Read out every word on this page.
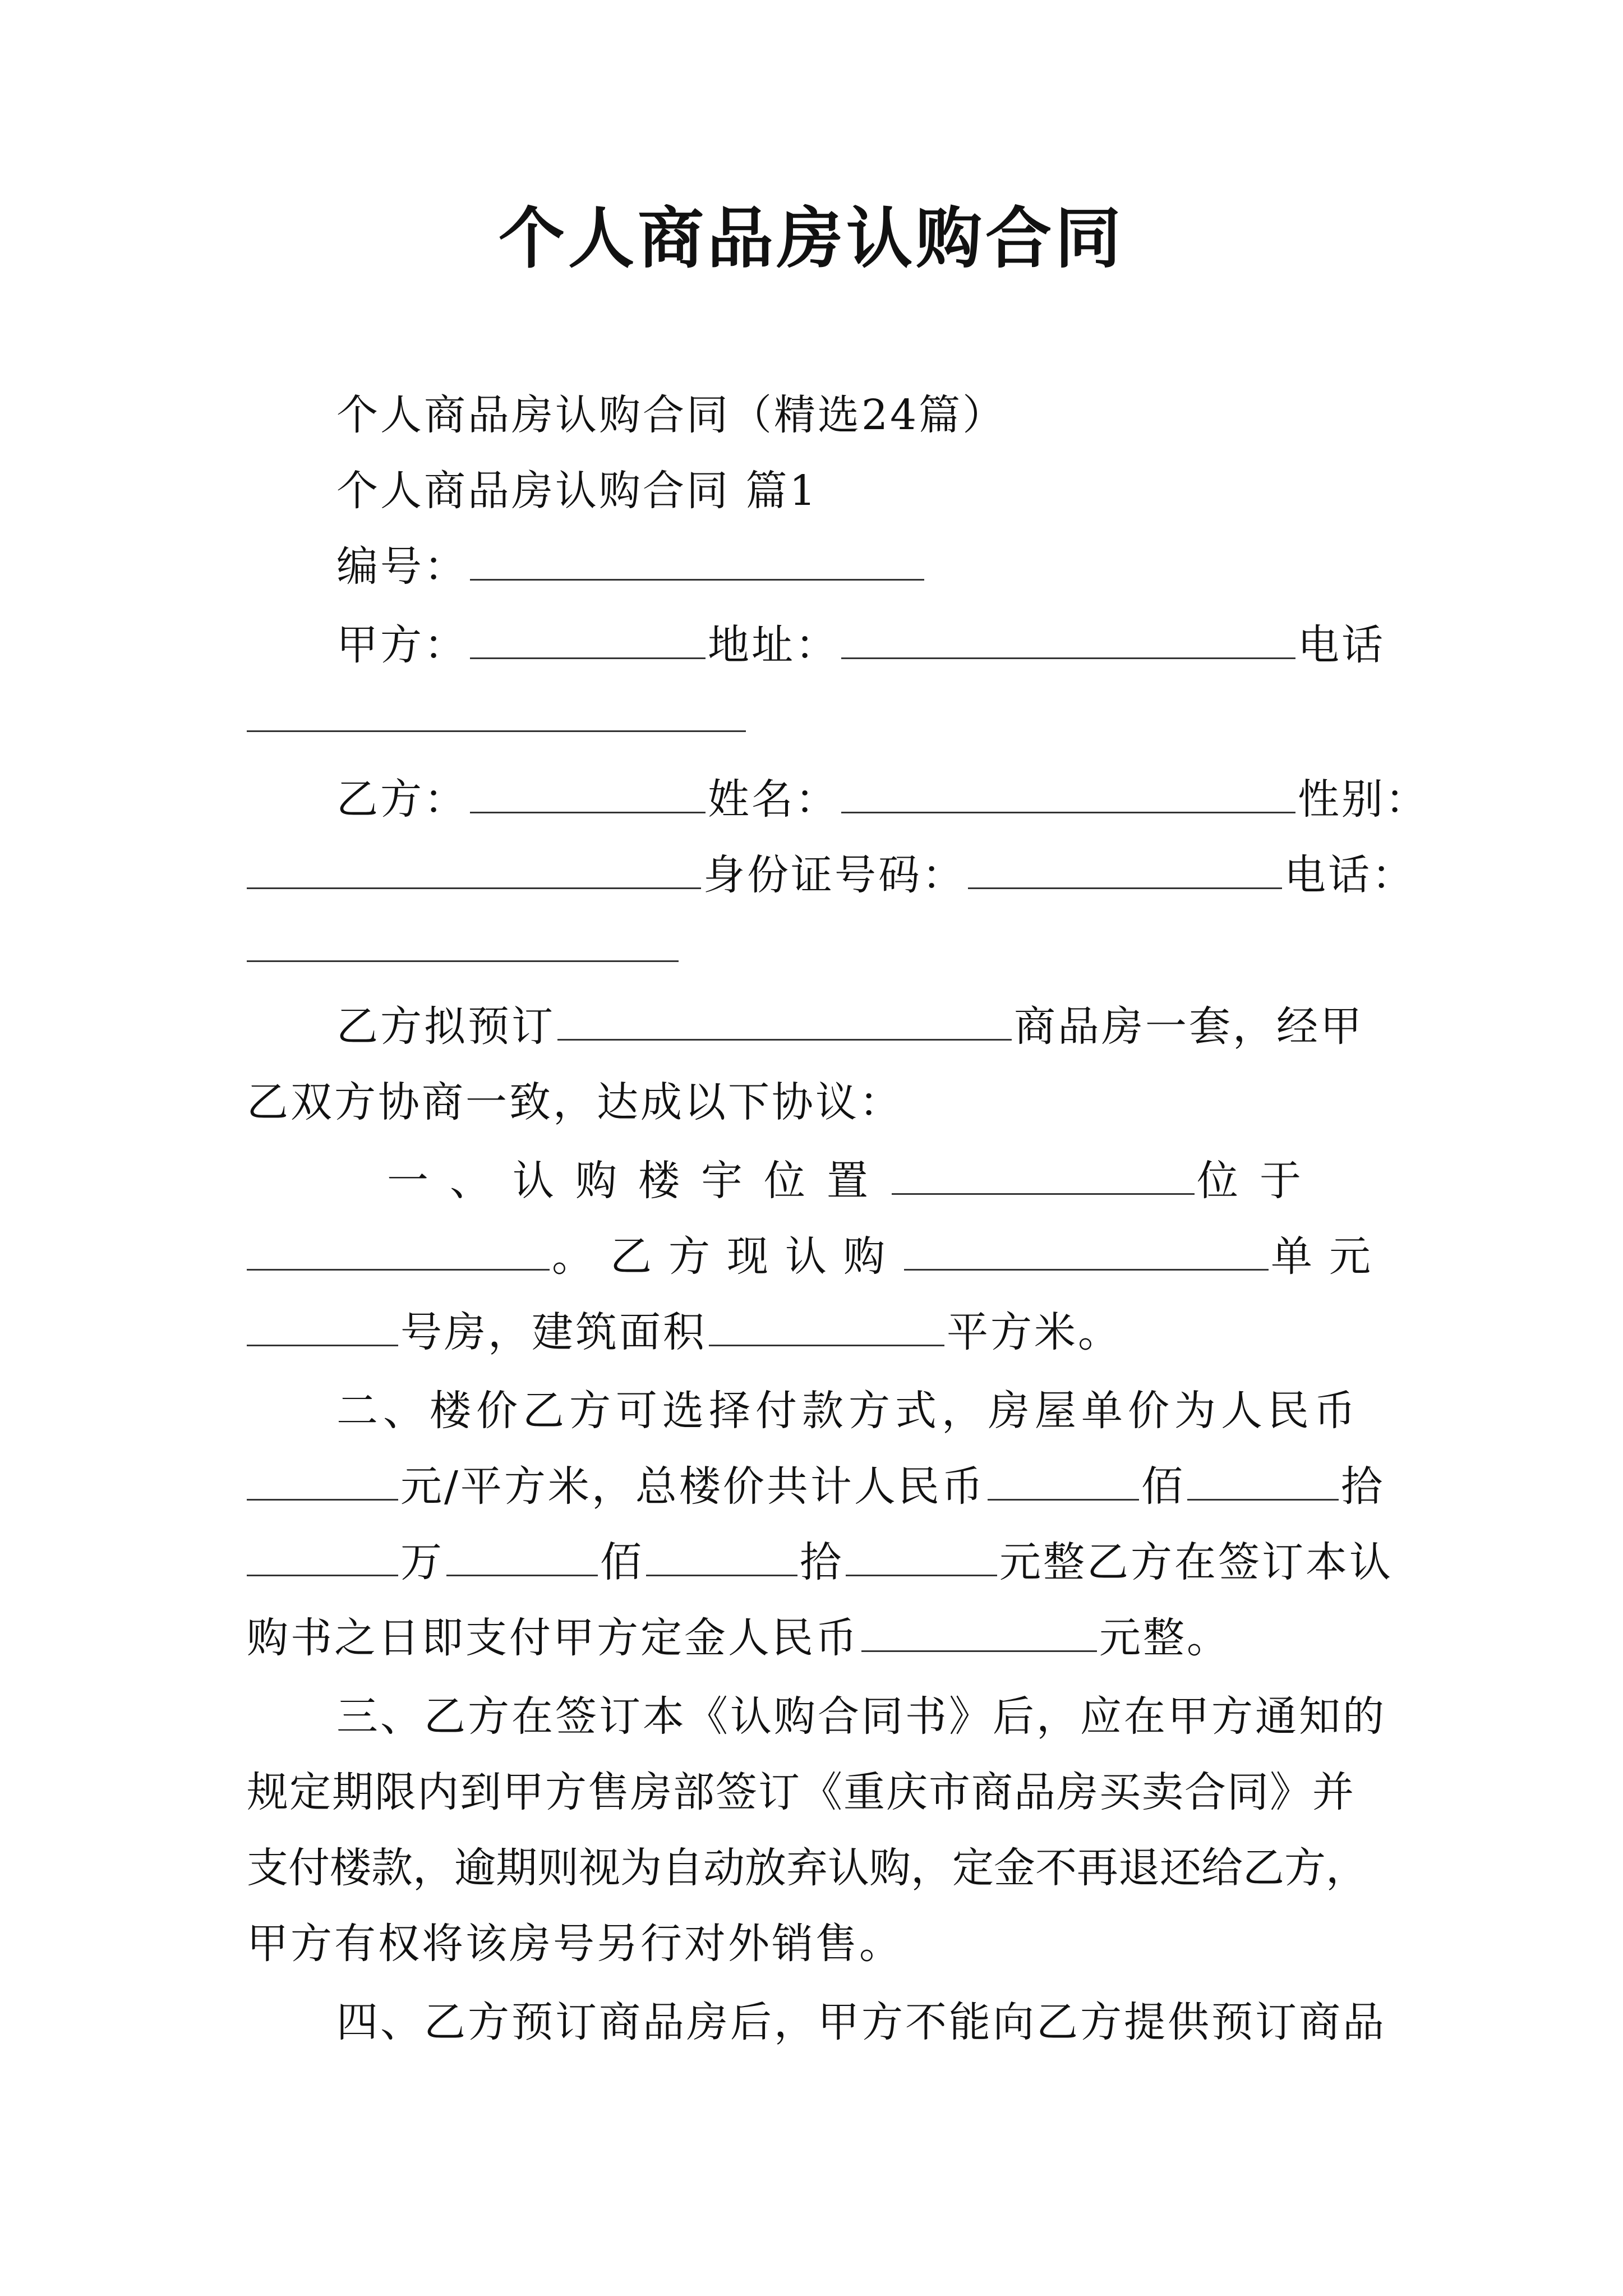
个人商品房认购合同
个人商品房认购合同（精选24篇）
个人商品房认购合同 篇1
编号：
甲方：	地址：	电话
乙方：	姓名：	性别：
身份证号码：	电话：
乙方拟预订	商品房一套，经甲
乙双方协商一致，达成以下协议：
一、认购楼宇位置	位于
。乙方现认购	单元
号房，建筑面积	平方米。
二、楼价乙方可选择付款方式，房屋单价为人民币
元/平方米，总楼价共计人民币	佰	拾
万	佰	拾	元整乙方在签订本认
购书之日即支付甲方定金人民币	元整。
三、乙方在签订本《认购合同书》后，应在甲方通知的
规定期限内到甲方售房部签订《重庆市商品房买卖合同》并
支付楼款，逾期则视为自动放弃认购，定金不再退还给乙方，
甲方有权将该房号另行对外销售。
四、乙方预订商品房后，甲方不能向乙方提供预订商品
